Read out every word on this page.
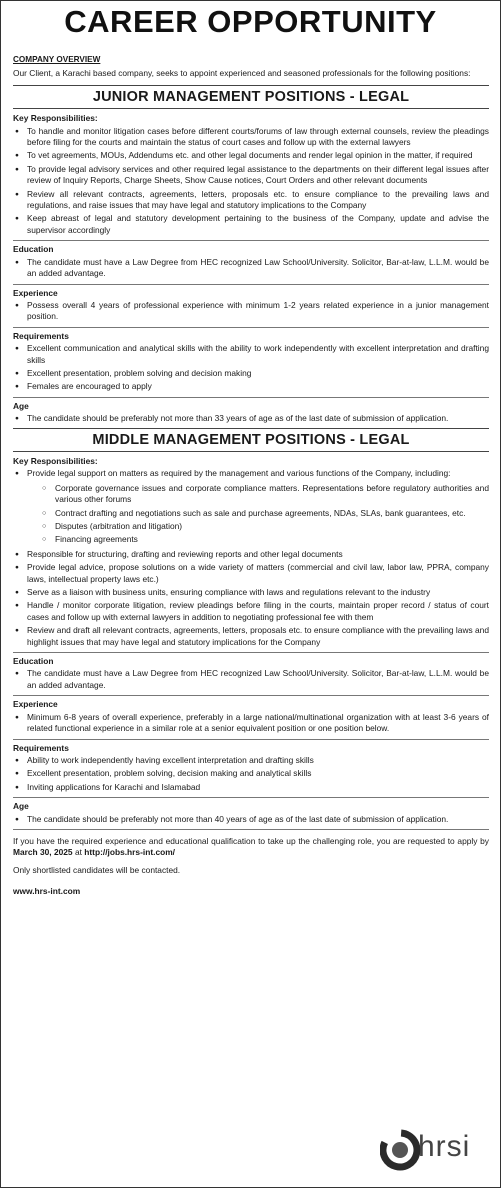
CAREER OPPORTUNITY
COMPANY OVERVIEW

Our Client, a Karachi based company, seeks to appoint experienced and seasoned professionals for the following positions:

JUNIOR MANAGEMENT POSITIONS - LEGAL
Key Responsibilities:
● To handle and monitor litigation cases before different courts/forums of law through external counsels, review the pleadings before filing for the courts and maintain the status of court cases and follow up with the external lawyers
● To vet agreements, MOUs, Addendums etc. and other legal documents and render legal opinion in the matter, if required
● To provide legal advisory services and other required legal assistance to the departments on their different legal issues after review of Inquiry Reports, Charge Sheets, Show Cause notices, Court Orders and other relevant documents
● Review all relevant contracts, agreements, letters, proposals etc. to ensure compliance to the prevailing laws and regulations, and raise issues that may have legal and statutory implications to the Company
● Keep abreast of legal and statutory development pertaining to the business of the Company, update and advise the supervisor accordingly
Education
● The candidate must have a Law Degree from HEC recognized Law School/University. Solicitor, Bar-at-law, L.L.M. would be an added advantage.
Experience
● Possess overall 4 years of professional experience with minimum 1-2 years related experience in a junior management position.
Requirements
● Excellent communication and analytical skills with the ability to work independently with excellent interpretation and drafting skills
● Excellent presentation, problem solving and decision making
● Females are encouraged to apply
Age
● The candidate should be preferably not more than 33 years of age as of the last date of submission of application.
MIDDLE MANAGEMENT POSITIONS - LEGAL
Key Responsibilities:
● Provide legal support on matters as required by the management and various functions of the Company, including:
○ Corporate governance issues and corporate compliance matters. Representations before regulatory authorities and various other forums
○ Contract drafting and negotiations such as sale and purchase agreements, NDAs, SLAs, bank guarantees, etc.
○ Disputes (arbitration and litigation)
○ Financing agreements
● Responsible for structuring, drafting and reviewing reports and other legal documents
● Provide legal advice, propose solutions on a wide variety of matters (commercial and civil law, labor law, PPRA, company laws, intellectual property laws etc.)
● Serve as a liaison with business units, ensuring compliance with laws and regulations relevant to the industry
● Handle / monitor corporate litigation, review pleadings before filing in the courts, maintain proper record / status of court cases and follow up with external lawyers in addition to negotiating professional fee with them
● Review and draft all relevant contracts, agreements, letters, proposals etc. to ensure compliance with the prevailing laws and highlight issues that may have legal and statutory implications for the Company
Education
● The candidate must have a Law Degree from HEC recognized Law School/University. Solicitor, Bar-at-law, L.L.M. would be an added advantage.
Experience
● Minimum 6-8 years of overall experience, preferably in a large national/multinational organization with at least 3-6 years of related functional experience in a similar role at a senior equivalent position or one position below.
Requirements
● Ability to work independently having excellent interpretation and drafting skills
● Excellent presentation, problem solving, decision making and analytical skills
● Inviting applications for Karachi and Islamabad
Age
● The candidate should be preferably not more than 40 years of age as of the last date of submission of application.

If you have the required experience and educational qualification to take up the challenging role, you are requested to apply by March 30, 2025 at http://jobs.hrs-int.com/

Only shortlisted candidates will be contacted.

www.hrs-int.com
hrsi
